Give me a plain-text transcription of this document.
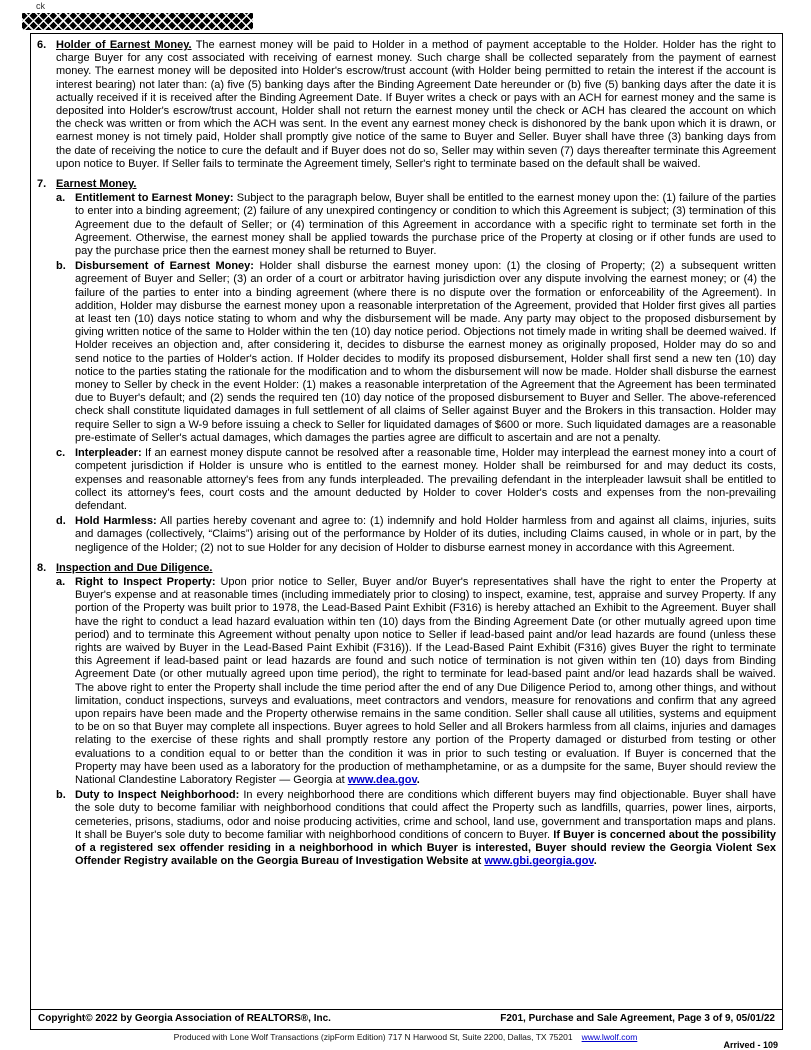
ck
6. Holder of Earnest Money. The earnest money will be paid to Holder in a method of payment acceptable to the Holder. Holder has the right to charge Buyer for any cost associated with receiving of earnest money. Such charge shall be collected separately from the payment of earnest money. The earnest money will be deposited into Holder's escrow/trust account (with Holder being permitted to retain the interest if the account is interest bearing) not later than: (a) five (5) banking days after the Binding Agreement Date hereunder or (b) five (5) banking days after the date it is actually received if it is received after the Binding Agreement Date. If Buyer writes a check or pays with an ACH for earnest money and the same is deposited into Holder's escrow/trust account, Holder shall not return the earnest money until the check or ACH has cleared the account on which the check was written or from which the ACH was sent. In the event any earnest money check is dishonored by the bank upon which it is drawn, or earnest money is not timely paid, Holder shall promptly give notice of the same to Buyer and Seller. Buyer shall have three (3) banking days from the date of receiving the notice to cure the default and if Buyer does not do so, Seller may within seven (7) days thereafter terminate this Agreement upon notice to Buyer. If Seller fails to terminate the Agreement timely, Seller's right to terminate based on the default shall be waived.

7. Earnest Money.

a. Entitlement to Earnest Money: Subject to the paragraph below, Buyer shall be entitled to the earnest money upon the: (1) failure of the parties to enter into a binding agreement; (2) failure of any unexpired contingency or condition to which this Agreement is subject; (3) termination of this Agreement due to the default of Seller; or (4) termination of this Agreement in accordance with a specific right to terminate set forth in the Agreement. Otherwise, the earnest money shall be applied towards the purchase price of the Property at closing or if other funds are used to pay the purchase price then the earnest money shall be returned to Buyer.

b. Disbursement of Earnest Money: Holder shall disburse the earnest money upon: (1) the closing of Property; (2) a subsequent written agreement of Buyer and Seller; (3) an order of a court or arbitrator having jurisdiction over any dispute involving the earnest money; or (4) the failure of the parties to enter into a binding agreement (where there is no dispute over the formation or enforceability of the Agreement). In addition, Holder may disburse the earnest money upon a reasonable interpretation of the Agreement, provided that Holder first gives all parties at least ten (10) days notice stating to whom and why the disbursement will be made. Any party may object to the proposed disbursement by giving written notice of the same to Holder within the ten (10) day notice period. Objections not timely made in writing shall be deemed waived. If Holder receives an objection and, after considering it, decides to disburse the earnest money as originally proposed, Holder may do so and send notice to the parties of Holder's action. If Holder decides to modify its proposed disbursement, Holder shall first send a new ten (10) day notice to the parties stating the rationale for the modification and to whom the disbursement will now be made. Holder shall disburse the earnest money to Seller by check in the event Holder: (1) makes a reasonable interpretation of the Agreement that the Agreement has been terminated due to Buyer's default; and (2) sends the required ten (10) day notice of the proposed disbursement to Buyer and Seller. The above-referenced check shall constitute liquidated damages in full settlement of all claims of Seller against Buyer and the Brokers in this transaction. Holder may require Seller to sign a W-9 before issuing a check to Seller for liquidated damages of $600 or more. Such liquidated damages are a reasonable pre-estimate of Seller's actual damages, which damages the parties agree are difficult to ascertain and are not a penalty.

c. Interpleader: If an earnest money dispute cannot be resolved after a reasonable time, Holder may interplead the earnest money into a court of competent jurisdiction if Holder is unsure who is entitled to the earnest money. Holder shall be reimbursed for and may deduct its costs, expenses and reasonable attorney's fees from any funds interpleaded. The prevailing defendant in the interpleader lawsuit shall be entitled to collect its attorney's fees, court costs and the amount deducted by Holder to cover Holder's costs and expenses from the non-prevailing defendant.

d. Hold Harmless: All parties hereby covenant and agree to: (1) indemnify and hold Holder harmless from and against all claims, injuries, suits and damages (collectively, “Claims”) arising out of the performance by Holder of its duties, including Claims caused, in whole or in part, by the negligence of the Holder; (2) not to sue Holder for any decision of Holder to disburse earnest money in accordance with this Agreement.

8. Inspection and Due Diligence.

a. Right to Inspect Property: Upon prior notice to Seller, Buyer and/or Buyer's representatives shall have the right to enter the Property at Buyer's expense and at reasonable times (including immediately prior to closing) to inspect, examine, test, appraise and survey Property. If any portion of the Property was built prior to 1978, the Lead-Based Paint Exhibit (F316) is hereby attached an Exhibit to the Agreement. Buyer shall have the right to conduct a lead hazard evaluation within ten (10) days from the Binding Agreement Date (or other mutually agreed upon time period) and to terminate this Agreement without penalty upon notice to Seller if lead-based paint and/or lead hazards are found (unless these rights are waived by Buyer in the Lead-Based Paint Exhibit (F316)). If the Lead-Based Paint Exhibit (F316) gives Buyer the right to terminate this Agreement if lead-based paint or lead hazards are found and such notice of termination is not given within ten (10) days from Binding Agreement Date (or other mutually agreed upon time period), the right to terminate for lead-based paint and/or lead hazards shall be waived. The above right to enter the Property shall include the time period after the end of any Due Diligence Period to, among other things, and without limitation, conduct inspections, surveys and evaluations, meet contractors and vendors, measure for renovations and confirm that any agreed upon repairs have been made and the Property otherwise remains in the same condition. Seller shall cause all utilities, systems and equipment to be on so that Buyer may complete all inspections. Buyer agrees to hold Seller and all Brokers harmless from all claims, injuries and damages relating to the exercise of these rights and shall promptly restore any portion of the Property damaged or disturbed from testing or other evaluations to a condition equal to or better than the condition it was in prior to such testing or evaluation. If Buyer is concerned that the Property may have been used as a laboratory for the production of methamphetamine, or as a dumpsite for the same, Buyer should review the National Clandestine Laboratory Register — Georgia at www.dea.gov.

b. Duty to Inspect Neighborhood: In every neighborhood there are conditions which different buyers may find objectionable. Buyer shall have the sole duty to become familiar with neighborhood conditions that could affect the Property such as landfills, quarries, power lines, airports, cemeteries, prisons, stadiums, odor and noise producing activities, crime and school, land use, government and transportation maps and plans. It shall be Buyer's sole duty to become familiar with neighborhood conditions of concern to Buyer. If Buyer is concerned about the possibility of a registered sex offender residing in a neighborhood in which Buyer is interested, Buyer should review the Georgia Violent Sex Offender Registry available on the Georgia Bureau of Investigation Website at www.gbi.georgia.gov.

Copyright© 2022 by Georgia Association of REALTORS®, Inc.	F201, Purchase and Sale Agreement, Page 3 of 9, 05/01/22
Produced with Lone Wolf Transactions (zipForm Edition) 717 N Harwood St, Suite 2200, Dallas, TX 75201 www.lwolf.com
Arrived - 109
